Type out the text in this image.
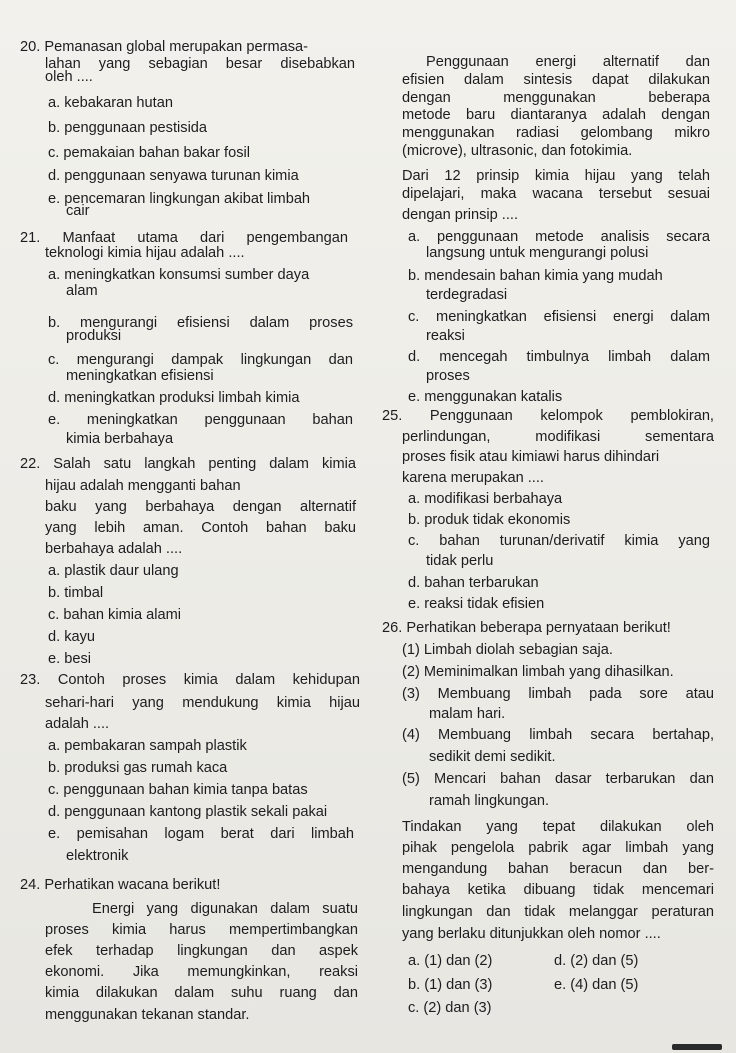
20. Pemanasan global merupakan permasa-
lahan yang sebagian besar disebabkan
oleh ....
a. kebakaran hutan
b. penggunaan pestisida
c. pemakaian bahan bakar fosil
d. penggunaan senyawa turunan kimia
e. pencemaran lingkungan akibat limbah
cair
21. Manfaat utama dari pengembangan
teknologi kimia hijau adalah ....
a. meningkatkan konsumsi sumber daya
alam
b. mengurangi efisiensi dalam proses
produksi
c. mengurangi dampak lingkungan dan
meningkatkan efisiensi
d. meningkatkan produksi limbah kimia
e. meningkatkan penggunaan bahan
kimia berbahaya
22. Salah satu langkah penting dalam kimia
hijau adalah mengganti bahan
baku yang berbahaya dengan alternatif
yang lebih aman. Contoh bahan baku
berbahaya adalah ....
a. plastik daur ulang
b. timbal
c. bahan kimia alami
d. kayu
e. besi
23. Contoh proses kimia dalam kehidupan
sehari-hari yang mendukung kimia hijau
adalah ....
a. pembakaran sampah plastik
b. produksi gas rumah kaca
c. penggunaan bahan kimia tanpa batas
d. penggunaan kantong plastik sekali pakai
e. pemisahan logam berat dari limbah
elektronik
24. Perhatikan wacana berikut!
Energi yang digunakan dalam suatu
proses kimia harus mempertimbangkan
efek terhadap lingkungan dan aspek
ekonomi. Jika memungkinkan, reaksi
kimia dilakukan dalam suhu ruang dan
menggunakan tekanan standar.
Penggunaan energi alternatif dan
efisien dalam sintesis dapat dilakukan
dengan menggunakan beberapa
metode baru diantaranya adalah dengan
menggunakan radiasi gelombang mikro
(microve), ultrasonic, dan fotokimia.
Dari 12 prinsip kimia hijau yang telah
dipelajari, maka wacana tersebut sesuai
dengan prinsip ....
a. penggunaan metode analisis secara
langsung untuk mengurangi polusi
b. mendesain bahan kimia yang mudah
terdegradasi
c. meningkatkan efisiensi energi dalam
reaksi
d. mencegah timbulnya limbah dalam
proses
e. menggunakan katalis
25. Penggunaan kelompok pemblokiran,
perlindungan, modifikasi sementara
proses fisik atau kimiawi harus dihindari
karena merupakan ....
a. modifikasi berbahaya
b. produk tidak ekonomis
c. bahan turunan/derivatif kimia yang
tidak perlu
d. bahan terbarukan
e. reaksi tidak efisien
26. Perhatikan beberapa pernyataan berikut!
(1) Limbah diolah sebagian saja.
(2) Meminimalkan limbah yang dihasilkan.
(3) Membuang limbah pada sore atau
malam hari.
(4) Membuang limbah secara bertahap,
sedikit demi sedikit.
(5) Mencari bahan dasar terbarukan dan
ramah lingkungan.
Tindakan yang tepat dilakukan oleh
pihak pengelola pabrik agar limbah yang
mengandung bahan beracun dan ber-
bahaya ketika dibuang tidak mencemari
lingkungan dan tidak melanggar peraturan
yang berlaku ditunjukkan oleh nomor ....
a. (1) dan (2)
b. (1) dan (3)
c. (2) dan (3)
d. (2) dan (5)
e. (4) dan (5)
